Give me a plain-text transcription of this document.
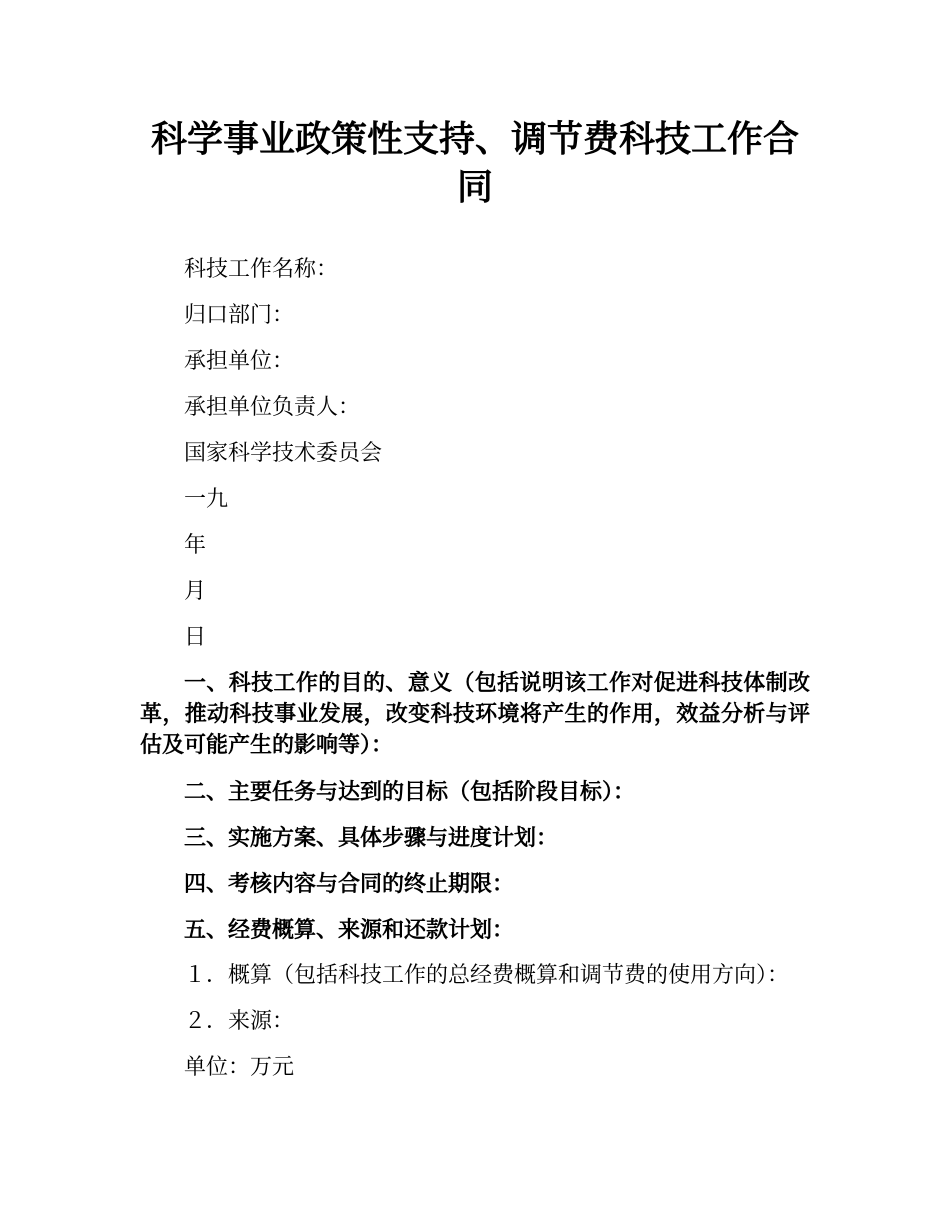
科学事业政策性支持、调节费科技工作合同

科技工作名称：

归口部门：

承担单位：

承担单位负责人：

国家科学技术委员会

一九

年

月

日

一、科技工作的目的、意义（包括说明该工作对促进科技体制改革，推动科技事业发展，改变科技环境将产生的作用，效益分析与评估及可能产生的影响等）：

二、主要任务与达到的目标（包括阶段目标）：

三、实施方案、具体步骤与进度计划：

四、考核内容与合同的终止期限：

五、经费概算、来源和还款计划：

１．概算（包括科技工作的总经费概算和调节费的使用方向）：

２．来源：

单位：万元
